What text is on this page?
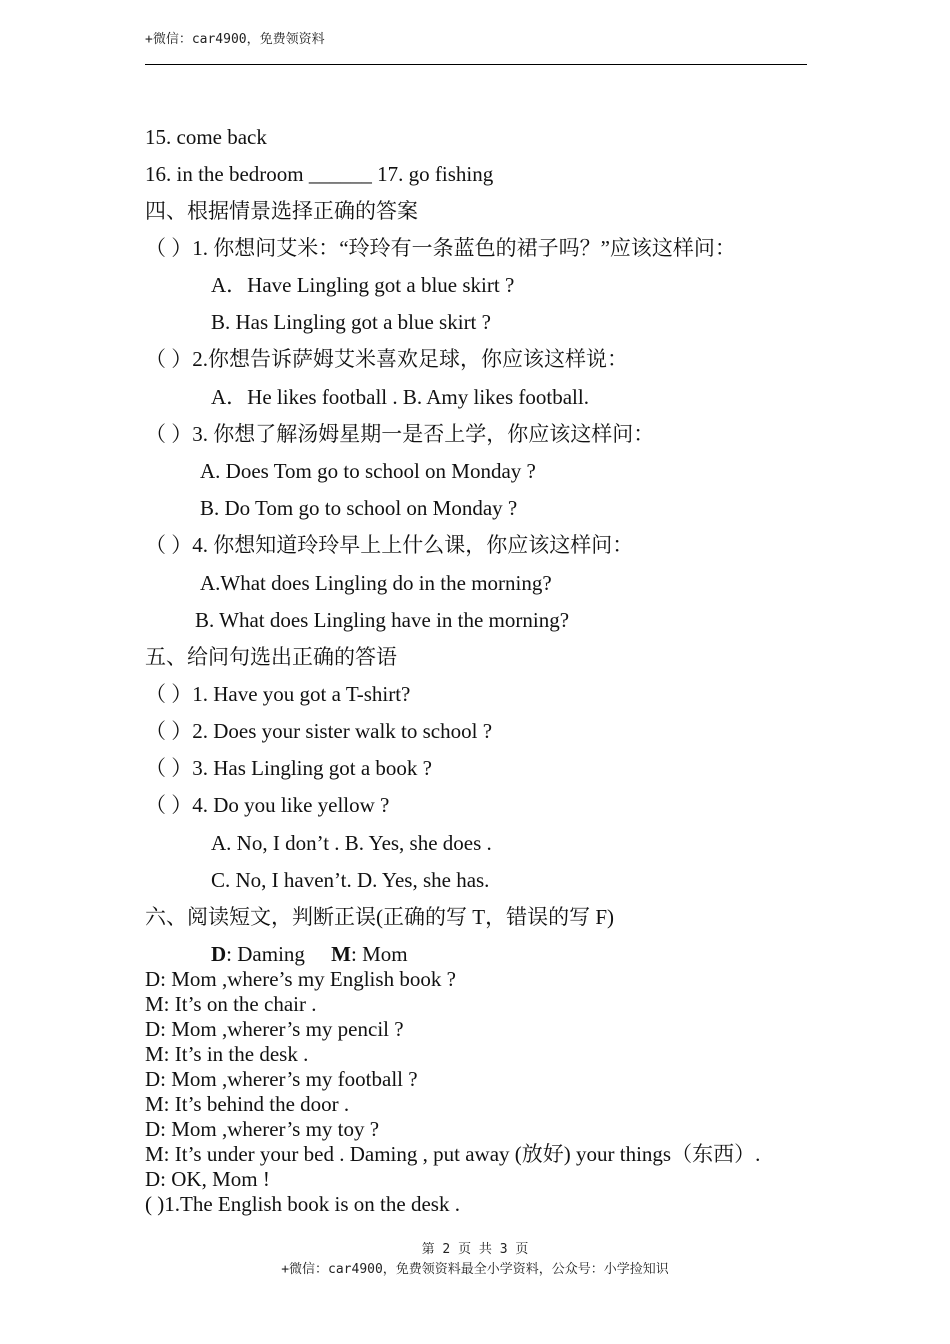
+微信：car4900，免费领资料
15. come back
16. in the bedroom ______ 17. go fishing
四、根据情景选择正确的答案
（ ）1. 你想问艾米：“玲玲有一条蓝色的裙子吗？”应该这样问：
A．Have Lingling got a blue skirt ?
B. Has Lingling got a blue skirt ?
（ ）2.你想告诉萨姆艾米喜欢足球，你应该这样说：
A．He likes football . B. Amy likes football.
（ ）3. 你想了解汤姆星期一是否上学，你应该这样问：
A. Does Tom go to school on Monday ?
B. Do Tom go to school on Monday ?
（ ）4. 你想知道玲玲早上上什么课，你应该这样问：
A.What does Lingling do in the morning?
B. What does Lingling have in the morning?
五、给问句选出正确的答语
（ ）1. Have you got a T-shirt?
（ ）2. Does your sister walk to school ?
（ ）3. Has Lingling got a book ?
（ ）4. Do you like yellow ?
A. No, I don’t . B. Yes, she does .
C. No, I haven’t. D. Yes, she has.
六、阅读短文，判断正误(正确的写 T，错误的写 F)
D: Daming     M: Mom
D: Mom ,where’s my English book ?
M: It’s on the chair .
D: Mom ,wherer’s my pencil ?
M: It’s in the desk .
D: Mom ,wherer’s my football ?
M: It’s behind the door .
D: Mom ,wherer’s my toy ?
M: It’s under your bed . Daming , put away (放好) your things（东西）.
D: OK, Mom !
( )1.The English book is on the desk .
第 2 页 共 3 页
+微信：car4900，免费领资料最全小学资料，公众号：小学捡知识
